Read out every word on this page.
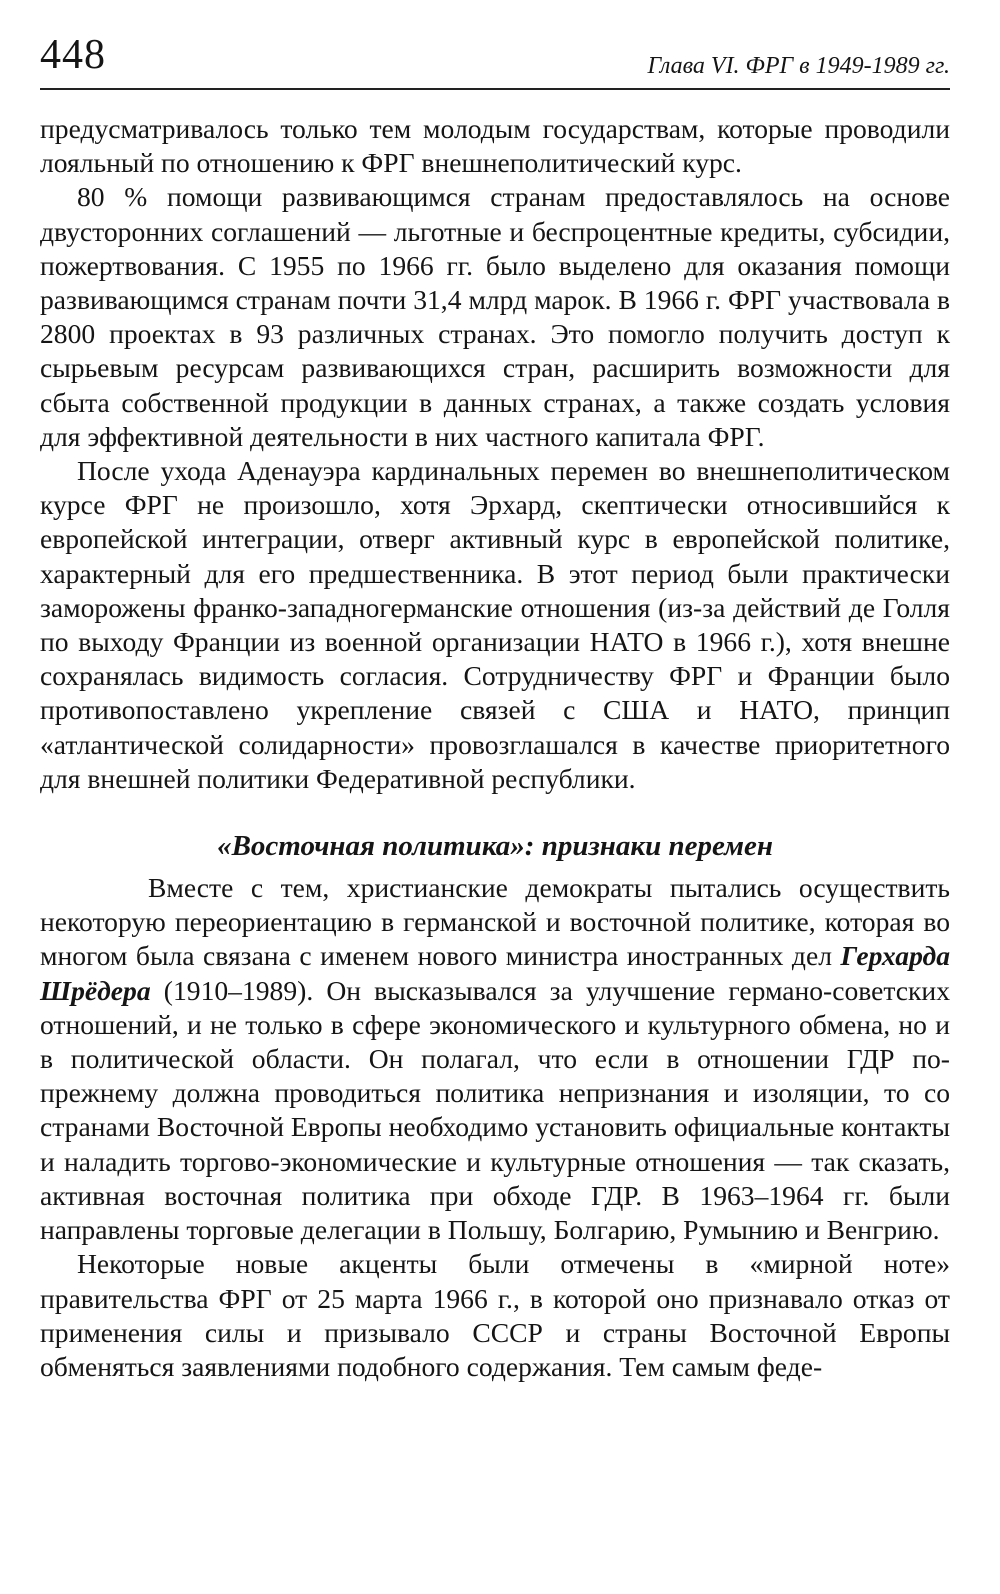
448	Глава VI. ФРГ в 1949-1989 гг.

предусматривалось только тем молодым государствам, которые проводили лояльный по отношению к ФРГ внешнеполитический курс.

80 % помощи развивающимся странам предоставлялось на основе двусторонних соглашений — льготные и беспроцентные кредиты, субсидии, пожертвования. С 1955 по 1966 гг. было выделено для оказания помощи развивающимся странам почти 31,4 млрд марок. В 1966 г. ФРГ участвовала в 2800 проектах в 93 различных странах. Это помогло получить доступ к сырьевым ресурсам развивающихся стран, расширить возможности для сбыта собственной продукции в данных странах, а также создать условия для эффективной деятельности в них частного капитала ФРГ.

После ухода Аденауэра кардинальных перемен во внешнеполитическом курсе ФРГ не произошло, хотя Эрхард, скептически относившийся к европейской интеграции, отверг активный курс в европейской политике, характерный для его предшественника. В этот период были практически заморожены франко-западногерманские отношения (из-за действий де Голля по выходу Франции из военной организации НАТО в 1966 г.), хотя внешне сохранялась видимость согласия. Сотрудничеству ФРГ и Франции было противопоставлено укрепление связей с США и НАТО, принцип «атлантической солидарности» провозглашался в качестве приоритетного для внешней политики Федеративной республики.

«Восточная политика»: признаки перемен

Вместе с тем, христианские демократы пытались осуществить некоторую переориентацию в германской и восточной политике, которая во многом была связана с именем нового министра иностранных дел Герхарда Шрёдера (1910–1989). Он высказывался за улучшение германо-советских отношений, и не только в сфере экономического и культурного обмена, но и в политической области. Он полагал, что если в отношении ГДР по-прежнему должна проводиться политика непризнания и изоляции, то со странами Восточной Европы необходимо установить официальные контакты и наладить торгово-экономические и культурные отношения — так сказать, активная восточная политика при обходе ГДР. В 1963–1964 гг. были направлены торговые делегации в Польшу, Болгарию, Румынию и Венгрию.

Некоторые новые акценты были отмечены в «мирной ноте» правительства ФРГ от 25 марта 1966 г., в которой оно признавало отказ от применения силы и призывало СССР и страны Восточной Европы обменяться заявлениями подобного содержания. Тем самым феде-
